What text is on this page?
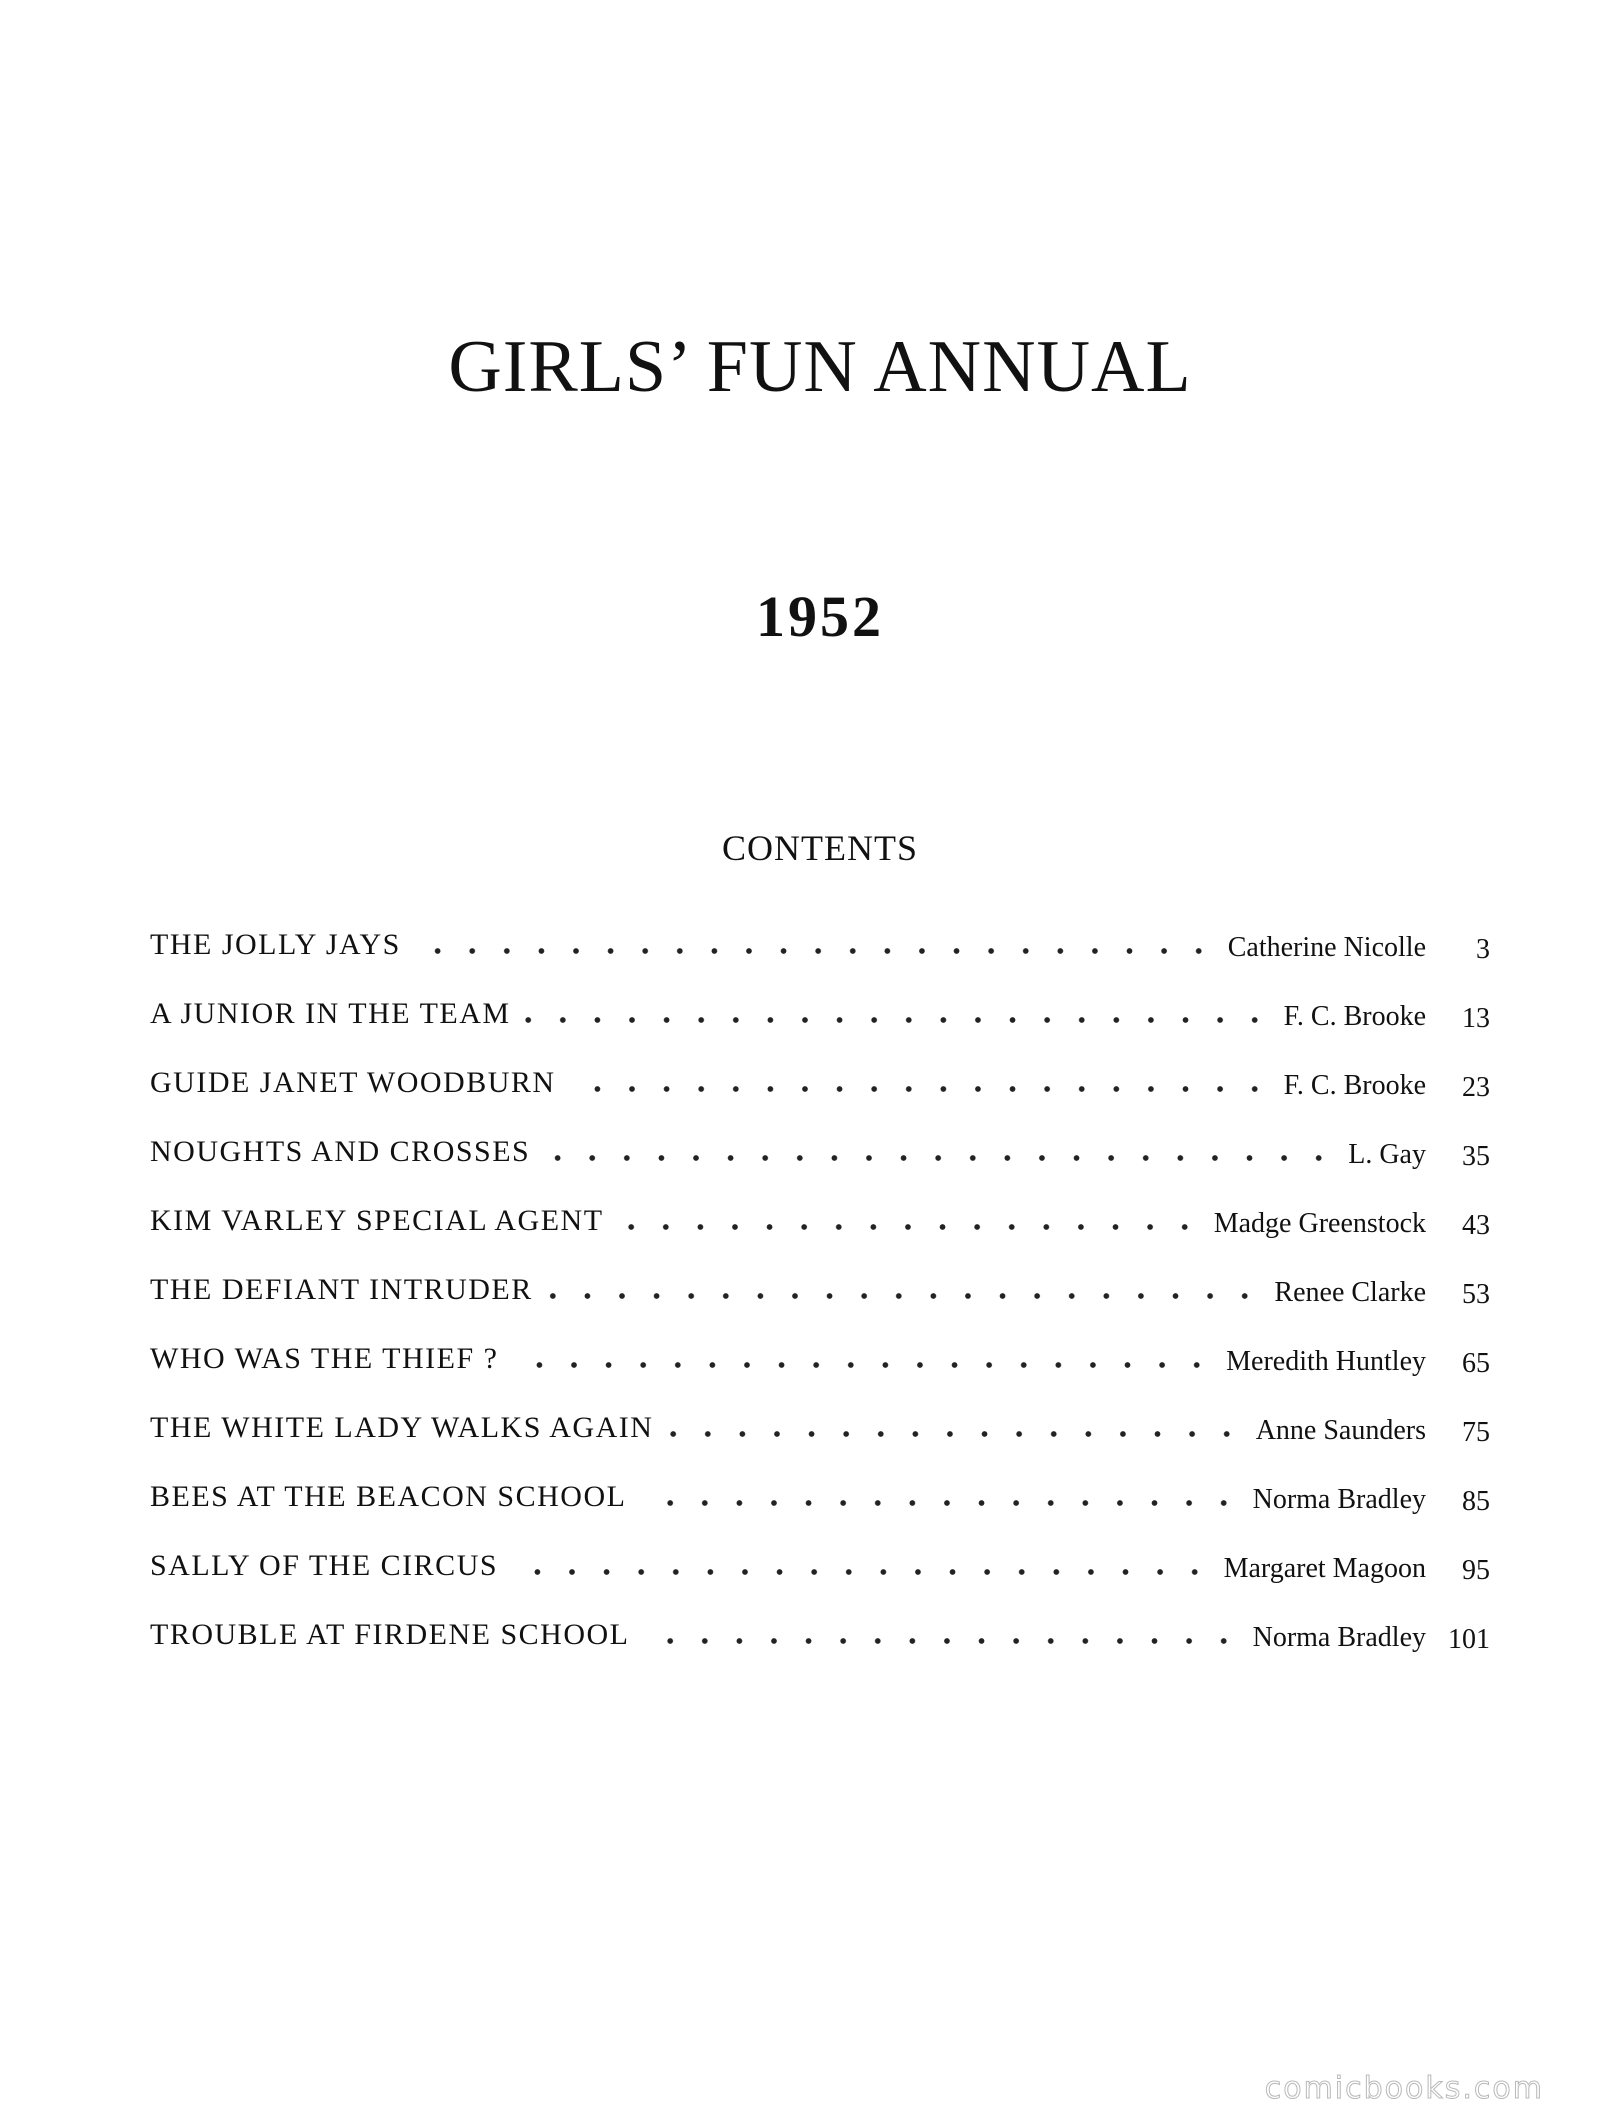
GIRLS’ FUN ANNUAL
1952
CONTENTS
THE JOLLY JAYS	Catherine Nicolle	3
A JUNIOR IN THE TEAM	F. C. Brooke	13
GUIDE JANET WOODBURN	F. C. Brooke	23
NOUGHTS AND CROSSES	L. Gay	35
KIM VARLEY SPECIAL AGENT	Madge Greenstock	43
THE DEFIANT INTRUDER	Renee Clarke	53
WHO WAS THE THIEF ?	Meredith Huntley	65
THE WHITE LADY WALKS AGAIN	Anne Saunders	75
BEES AT THE BEACON SCHOOL	Norma Bradley	85
SALLY OF THE CIRCUS	Margaret Magoon	95
TROUBLE AT FIRDENE SCHOOL	Norma Bradley 101
comicbooks.com
